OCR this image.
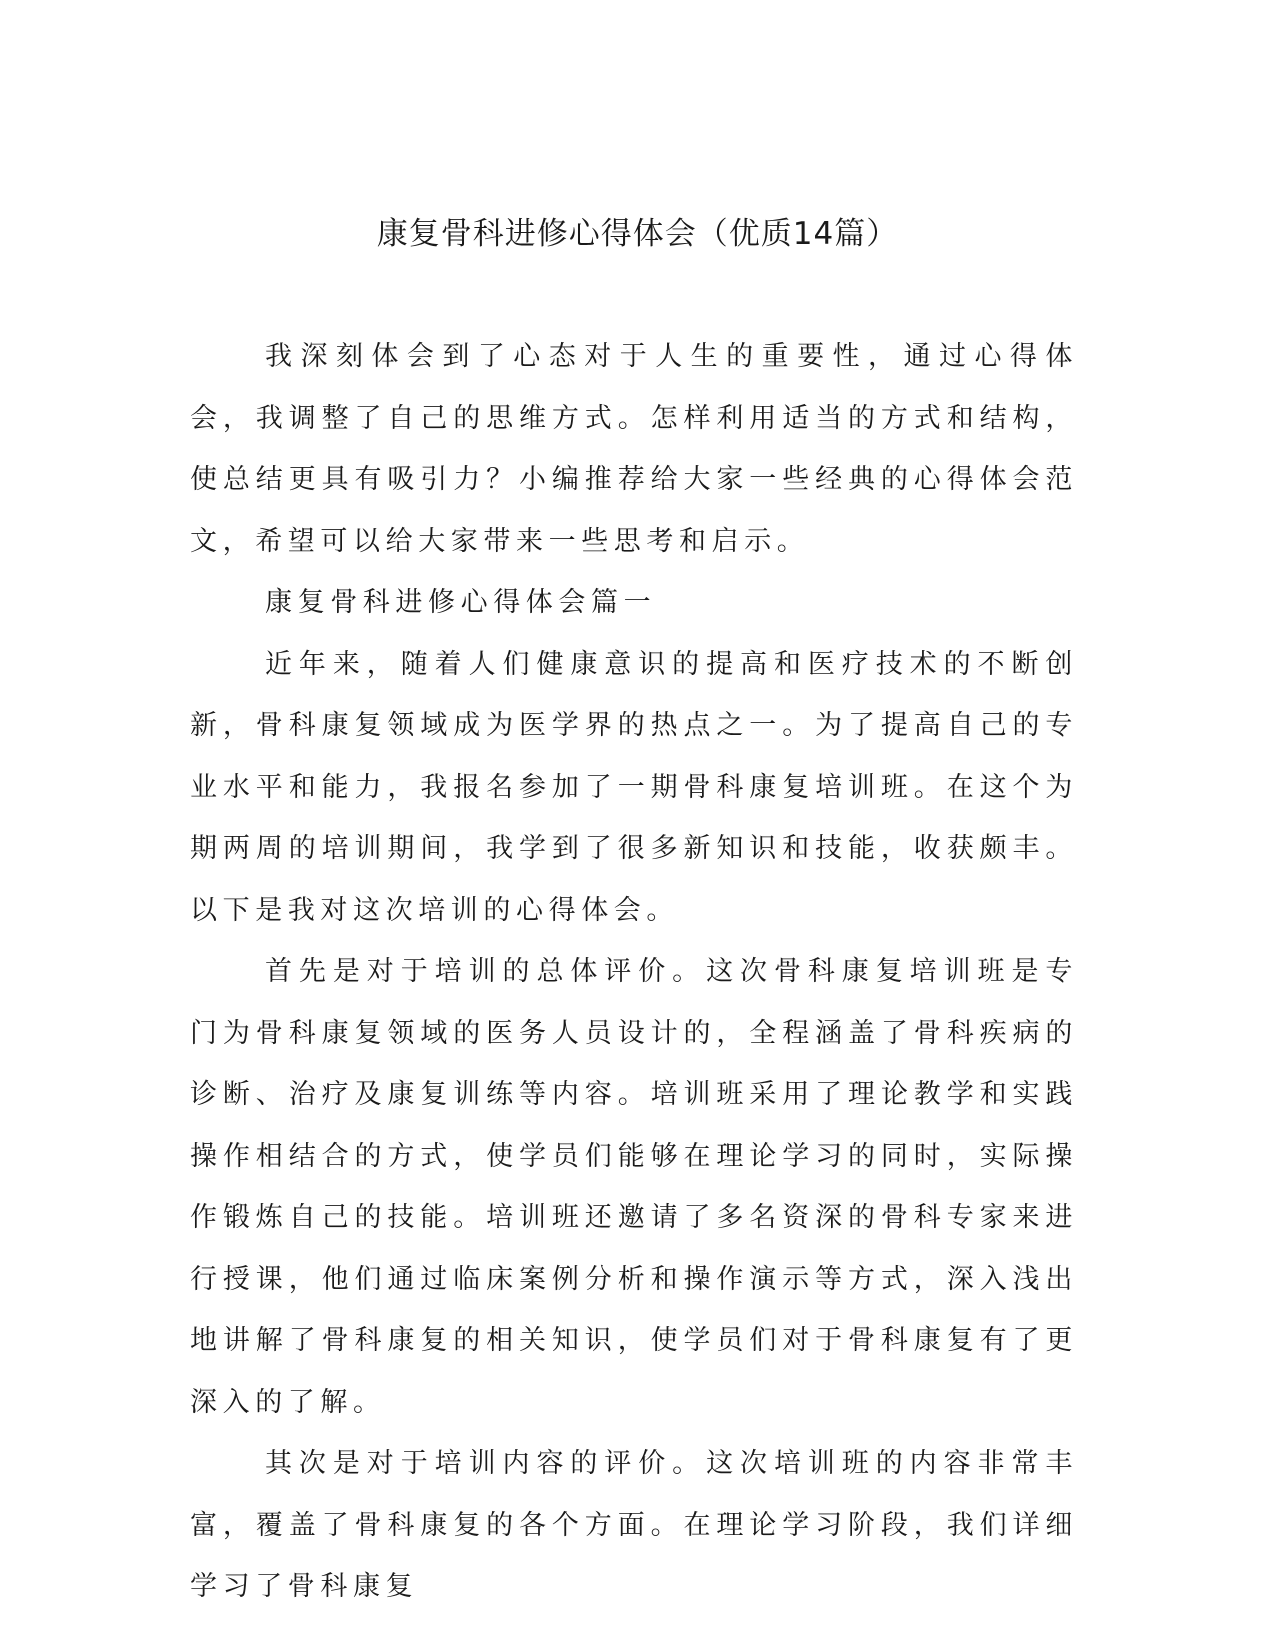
康复骨科进修心得体会（优质14篇）

我深刻体会到了心态对于人生的重要性，通过心得体会，我调整了自己的思维方式。怎样利用适当的方式和结构，使总结更具有吸引力？小编推荐给大家一些经典的心得体会范文，希望可以给大家带来一些思考和启示。

康复骨科进修心得体会篇一

近年来，随着人们健康意识的提高和医疗技术的不断创新，骨科康复领域成为医学界的热点之一。为了提高自己的专业水平和能力，我报名参加了一期骨科康复培训班。在这个为期两周的培训期间，我学到了很多新知识和技能，收获颇丰。以下是我对这次培训的心得体会。

首先是对于培训的总体评价。这次骨科康复培训班是专门为骨科康复领域的医务人员设计的，全程涵盖了骨科疾病的诊断、治疗及康复训练等内容。培训班采用了理论教学和实践操作相结合的方式，使学员们能够在理论学习的同时，实际操作锻炼自己的技能。培训班还邀请了多名资深的骨科专家来进行授课，他们通过临床案例分析和操作演示等方式，深入浅出地讲解了骨科康复的相关知识，使学员们对于骨科康复有了更深入的了解。

其次是对于培训内容的评价。这次培训班的内容非常丰富，覆盖了骨科康复的各个方面。在理论学习阶段，我们详细学习了骨科康复
